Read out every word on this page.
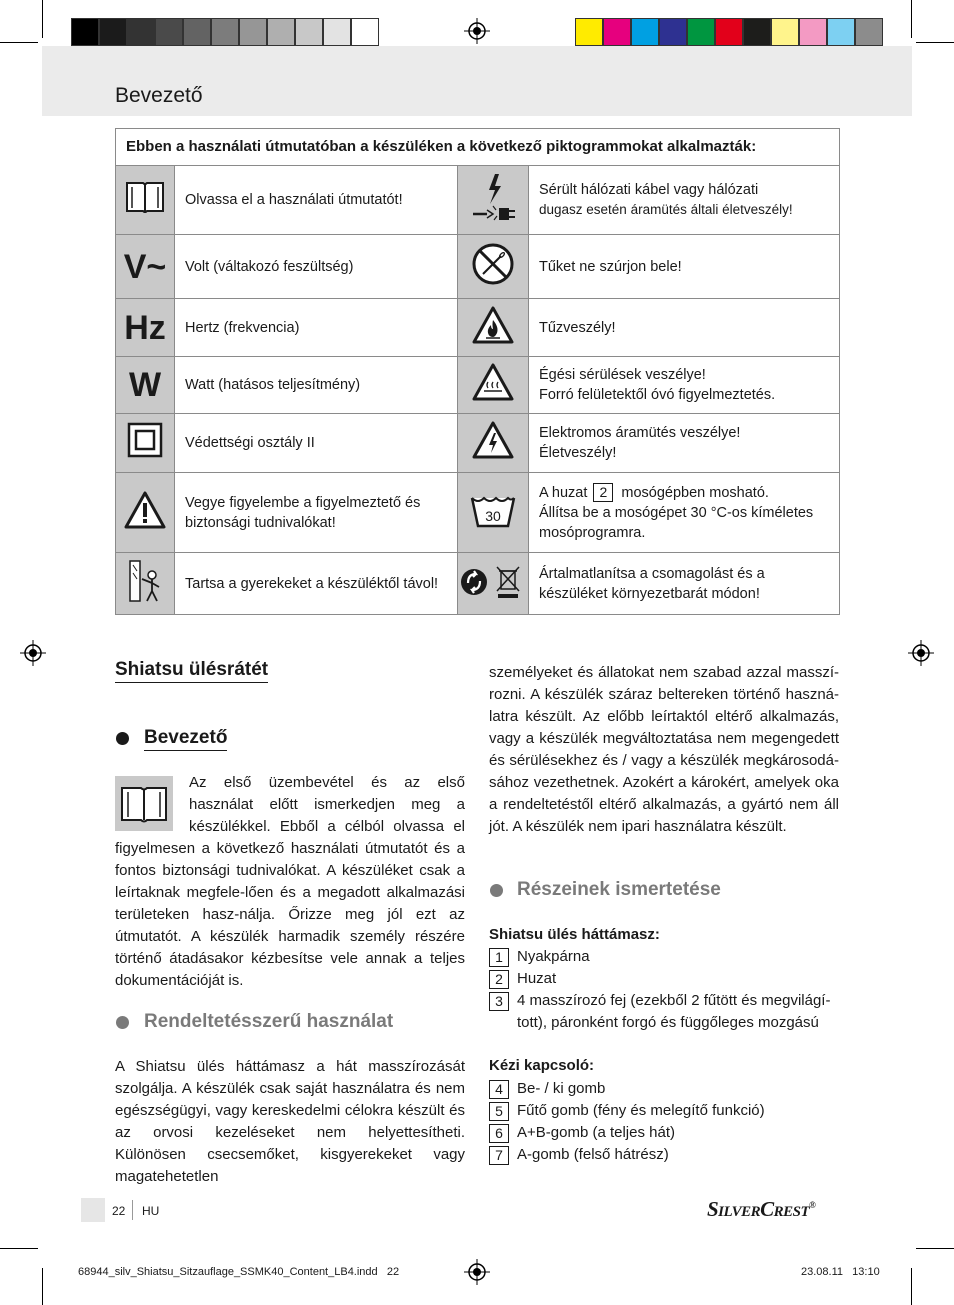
Bevezető
Ebben a használati útmutatóban a készüléken a következő piktogrammokat alkalmazták:			
	Olvassa el a használati útmutatót!		Sérült hálózati kábel vagy hálózati
dugasz esetén áramütés általi életveszély!

V~	Volt (váltakozó feszültség)		Tűket ne szúrjon bele!
Hz	Hertz (frekvencia)		Tűzveszély!
W	Watt (hatásos teljesítmény)		Égési sérülések veszélye!
Forró felületektől óvó figyelmeztetés.

	Védettségi osztály II		Elektromos áramütés veszélye!
Életveszély!

	Vegye figyelembe a figyelmeztető és biztonsági tudnivalókat!	30	A huzat 2 mosógépben mosható.
Állítsa be a mosógépet 30 °C-os kíméletes mosóprogramra.

	Tartsa a gyerekeket a készüléktől távol!		Ártalmatlanítsa a csomagolást és a készüléket környezetbarát módon!
Shiatsu ülésrátét
Bevezető
Az első üzembevétel és az első használat előtt ismerkedjen meg a készülékkel. Ebből a célból olvassa el figyelmesen a következő használati útmutatót és a fontos biztonsági tudnivalókat. A készüléket csak a leírtaknak megfele-lően és a megadott alkalmazási területeken hasz-nálja. Őrizze meg jól ezt az útmutatót. A készülék harmadik személy részére történő átadásakor kézbesítse vele annak a teljes dokumentációját is.
Rendeltetésszerű használat
A Shiatsu ülés háttámasz a hát masszírozását szolgálja. A készülék csak saját használatra és nem egészségügyi, vagy kereskedelmi célokra készült és az orvosi kezeléseket nem helyettesítheti. Különösen csecsemőket, kisgyerekeket vagy magatehetetlen
személyeket és állatokat nem szabad azzal masszí-rozni. A készülék száraz beltereken történő haszná-latra készült. Az előbb leírtaktól eltérő alkalmazás, vagy a készülék megváltoztatása nem megengedett és sérülésekhez és / vagy a készülék megkárosodá-sához vezethetnek. Azokért a károkért, amelyek oka a rendeltetéstől eltérő alkalmazás, a gyártó nem áll jót. A készülék nem ipari használatra készült.
Részeinek ismertetése
Shiatsu ülés háttámasz:
1 Nyakpárna
2 Huzat
3 4 masszírozó fej (ezekből 2 fűtött és megvilágí-
tott), páronként forgó és függőleges mozgású
Kézi kapcsoló:
4 Be- / ki gomb
5 Fűtő gomb (fény és melegítő funkció)
6 A+B-gomb (a teljes hát)
7 A-gomb (felső hátrész)
22 HU	SilverCrest®
68944_silv_Shiatsu_Sitzauflage_SSMK40_Content_LB4.indd   22	23.08.11   13:10
